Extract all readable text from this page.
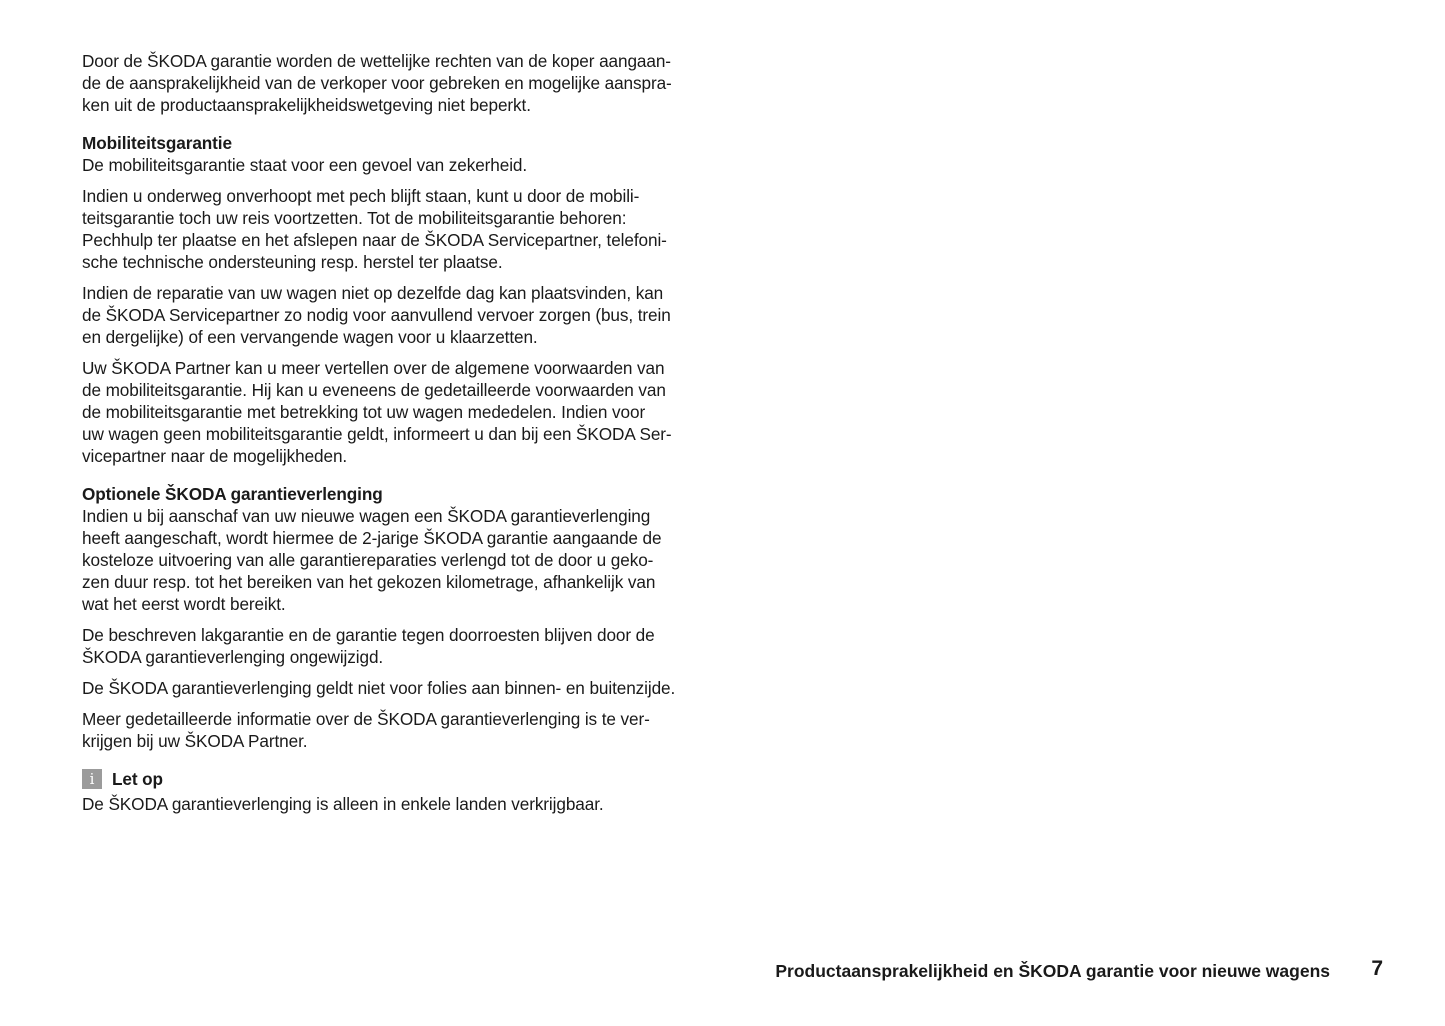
Door de ŠKODA garantie worden de wettelijke rechten van de koper aangaan-
de de aansprakelijkheid van de verkoper voor gebreken en mogelijke aanspra-
ken uit de productaansprakelijkheidswetgeving niet beperkt.

Mobiliteitsgarantie

De mobiliteitsgarantie staat voor een gevoel van zekerheid.

Indien u onderweg onverhoopt met pech blijft staan, kunt u door de mobili-
teitsgarantie toch uw reis voortzetten. Tot de mobiliteitsgarantie behoren:
Pechhulp ter plaatse en het afslepen naar de ŠKODA Servicepartner, telefoni-
sche technische ondersteuning resp. herstel ter plaatse.

Indien de reparatie van uw wagen niet op dezelfde dag kan plaatsvinden, kan
de ŠKODA Servicepartner zo nodig voor aanvullend vervoer zorgen (bus, trein
en dergelijke) of een vervangende wagen voor u klaarzetten.

Uw ŠKODA Partner kan u meer vertellen over de algemene voorwaarden van
de mobiliteitsgarantie. Hij kan u eveneens de gedetailleerde voorwaarden van
de mobiliteitsgarantie met betrekking tot uw wagen mededelen. Indien voor
uw wagen geen mobiliteitsgarantie geldt, informeert u dan bij een ŠKODA Ser-
vicepartner naar de mogelijkheden.

Optionele ŠKODA garantieverlenging

Indien u bij aanschaf van uw nieuwe wagen een ŠKODA garantieverlenging
heeft aangeschaft, wordt hiermee de 2-jarige ŠKODA garantie aangaande de
kosteloze uitvoering van alle garantiereparaties verlengd tot de door u geko-
zen duur resp. tot het bereiken van het gekozen kilometrage, afhankelijk van
wat het eerst wordt bereikt.

De beschreven lakgarantie en de garantie tegen doorroesten blijven door de
ŠKODA garantieverlenging ongewijzigd.

De ŠKODA garantieverlenging geldt niet voor folies aan binnen- en buitenzijde.

Meer gedetailleerde informatie over de ŠKODA garantieverlenging is te ver-
krijgen bij uw ŠKODA Partner.

i	Let op

De ŠKODA garantieverlenging is alleen in enkele landen verkrijgbaar.

Productaansprakelijkheid en ŠKODA garantie voor nieuwe wagens 7
